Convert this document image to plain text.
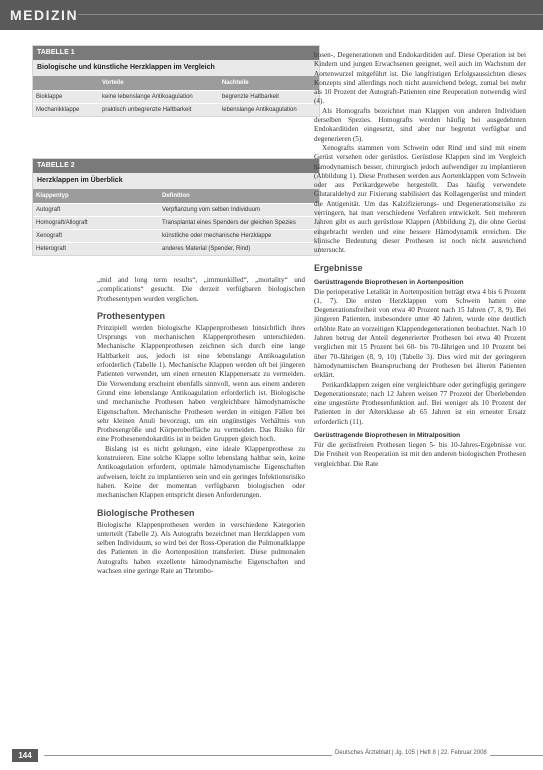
MEDIZIN
TABELLE 1
Biologische und künstliche Herzklappen im Vergleich
	Vorteile	Nachteile
Bioklappe	keine lebenslange Antikoagulation	begrenzte Haltbarkeit
Mechanikklappe	praktisch unbegrenzte Haltbarkeit	lebenslange Antikoagulation
TABELLE 2
Herzklappen im Überblick
Klappentyp	Definition
Autograft	Verpflanzung vom selben Individuum
Homograft/Allograft	Transplantat eines Spenders der gleichen Spezies
Xenograft	künstliche oder mechanische Herzklappe
Heterograft	anderes Material (Spender, Rind)

„mid and long term results“, „immunkilled“, „mortality“ und „complications“ gesucht. Die derzeit verfügbaren biologischen Prothesentypen wurden verglichen.

Prothesentypen

Prinzipiell werden biologische Klappenprothesen hinsichtlich ihres Ursprungs von mechanischen Klappenprothesen unterschieden. Mechanische Klappenprothesen zeichnen sich durch eine lange Haltbarkeit aus, jedoch ist eine lebenslange Antikoagulation erforderlich (Tabelle 1). Mechanische Klappen werden oft bei jüngeren Patienten verwendet, um einen erneuten Klappenersatz zu vermeiden. Die Verwendung erscheint ebenfalls sinnvoll, wenn aus einem anderen Grund eine lebenslange Antikoagulation erforderlich ist. Biologische und mechanische Prothesen haben vergleichbare hämodynamische Eigenschaften. Mechanische Prothesen werden in einigen Fällen bei sehr kleinen Anuli bevorzugt, um ein ungünstiges Verhältnis von Prothesengröße und Körperoberfläche zu vermeiden. Das Risiko für eine Prothesenendokarditis ist in beiden Gruppen gleich hoch.

Bislang ist es nicht gelungen, eine ideale Klappenprothese zu konstruieren. Eine solche Klappe sollte lebenslang haltbar sein, keine Antikoagulation erfordern, optimale hämodynamische Eigenschaften aufweisen, leicht zu implantieren sein und ein geringes Infektionsrisiko haben. Keine der momentan verfügbaren biologischen oder mechanischen Klappen entspricht diesen Anforderungen.

Biologische Prothesen

Biologische Klappenprothesen werden in verschiedene Kategorien unterteilt (Tabelle 2). Als Autografts bezeichnet man Herzklappen vom selben Individuum, so wird bei der Ross-Operation die Pulmonalklappe des Patienten in die Aortenposition transferiert. Diese pulmonalen Autografts haben exzellente hämodynamische Eigenschaften und wachsen eine geringe Rate an Thrombo-

bosen-, Degenerationen und Endokarditiden auf. Diese Operation ist bei Kindern und jungen Erwachsenen geeignet, weil auch im Wachstum der Aortenwurzel mitgeführt ist. Die langfristigen Erfolgsaussichten dieses Konzepts sind allerdings noch nicht ausreichend belegt, zumal bei mehr als 10 Prozent der Autograft-Patienten eine Reoperation notwendig wird (4).

Als Homografts bezeichnet man Klappen von anderen Individuen derselben Spezies. Homografts werden häufig bei ausgedehnten Endokarditiden eingesetzt, sind aber nur begrenzt verfügbar und degenerieren (5).

Xenografts stammen vom Schwein oder Rind und sind mit einem Gerüst versehen oder gerüstlos. Gerüstlose Klappen sind im Vergleich hämodynamisch besser, chirurgisch jedoch aufwendiger zu implantieren (Abbildung 1). Diese Prothesen werden aus Aortenklappen vom Schwein oder aus Perikardgewebe hergestellt. Das häufig verwendete Glutaraldehyd zur Fixierung stabilisiert das Kollagengerüst und mindert die Antigenität. Um das Kalzifizierungs- und Degenerationsrisiko zu verringern, hat man verschiedene Verfahren entwickelt. Seit mehreren Jahren gibt es auch gerüstlose Klappen (Abbildung 2), die ohne Gerüst eingebracht werden und eine bessere Hämodynamik erreichen. Die klinische Bedeutung dieser Prothesen ist noch nicht ausreichend untersucht.

Ergebnisse
Gerüsttragende Bioprothesen in Aortenposition

Die perioperative Letalität in Aortenposition beträgt etwa 4 bis 6 Prozent (1, 7). Die ersten Herzklappen vom Schwein hatten eine Degenerationsfreiheit von etwa 40 Prozent nach 15 Jahren (7, 8, 9). Bei jüngeren Patienten, insbesondere unter 40 Jahren, wurde eine deutlich erhöhte Rate an vorzeitigen Klappendegenerationen beobachtet. Nach 10 Jahren betrug der Anteil degenerierter Prothesen bei etwa 40 Prozent verglichen mit 15 Prozent bei 60- bis 70-Jährigen und 10 Prozent bei über 70-Jährigen (8, 9, 10) (Tabelle 3). Dies wird mit der geringeren hämodynamischen Beanspruchung der Prothesen bei älteren Patienten erklärt.

Perikardklappen zeigen eine vergleichbare oder geringfügig geringere Degenerationsrate; nach 12 Jahren weisen 77 Prozent der Überlebenden eine ungestörte Prothesenfunktion auf. Bei weniger als 10 Prozent der Patienten in der Altersklasse ab 65 Jahren ist ein erneuter Ersatz erforderlich (11).

Gerüsttragende Bioprothesen in Mitralposition

Für die gerüstfreien Prothesen liegen 5- bis 10-Jahres-Ergebnisse vor. Die Freiheit von Reoperation ist mit den anderen biologischen Prothesen vergleichbar. Die Rate

144	Deutsches Ärzteblatt | Jg. 105 | Heft 8 | 22. Februar 2008
